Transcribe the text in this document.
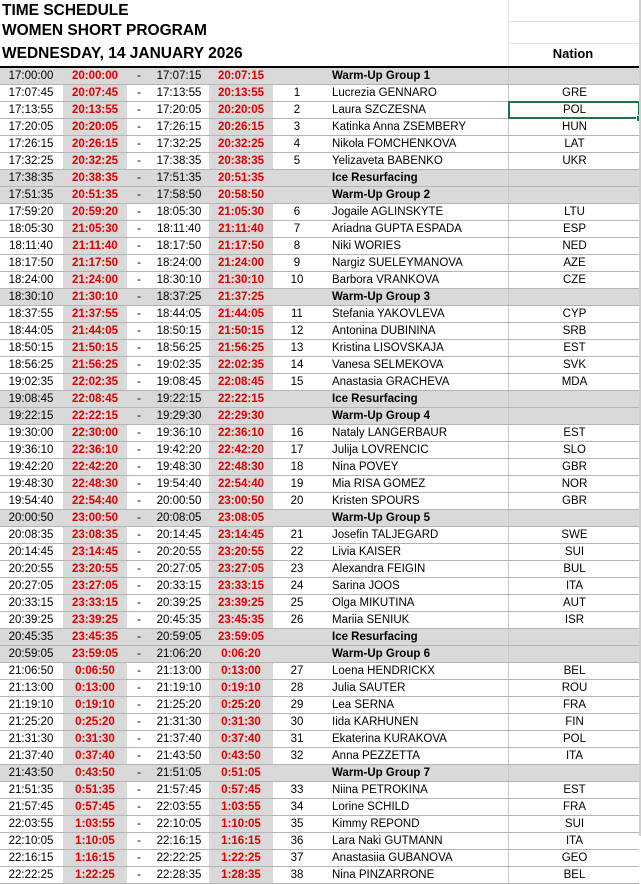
TIME SCHEDULE
WOMEN SHORT PROGRAM
WEDNESDAY, 14 JANUARY 2026	Nation
17:00:00	20:00:00	-	17:07:15	20:07:15	Warm-Up Group 1
17:07:45	20:07:45	-	17:13:55	20:13:55	1	Lucrezia GENNARO	GRE
17:13:55	20:13:55	-	17:20:05	20:20:05	2	Laura SZCZESNA	POL
17:20:05	20:20:05	-	17:26:15	20:26:15	3	Katinka Anna ZSEMBERY	HUN
17:26:15	20:26:15	-	17:32:25	20:32:25	4	Nikola FOMCHENKOVA	LAT
17:32:25	20:32:25	-	17:38:35	20:38:35	5	Yelizaveta BABENKO	UKR
17:38:35	20:38:35	-	17:51:35	20:51:35	Ice Resurfacing
17:51:35	20:51:35	-	17:58:50	20:58:50	Warm-Up Group 2
17:59:20	20:59:20	-	18:05:30	21:05:30	6	Jogaile AGLINSKYTE	LTU
18:05:30	21:05:30	-	18:11:40	21:11:40	7	Ariadna GUPTA ESPADA	ESP
18:11:40	21:11:40	-	18:17:50	21:17:50	8	Niki WORIES	NED
18:17:50	21:17:50	-	18:24:00	21:24:00	9	Nargiz SUELEYMANOVA	AZE
18:24:00	21:24:00	-	18:30:10	21:30:10	10	Barbora VRANKOVA	CZE
18:30:10	21:30:10	-	18:37:25	21:37:25	Warm-Up Group 3
18:37:55	21:37:55	-	18:44:05	21:44:05	11	Stefania YAKOVLEVA	CYP
18:44:05	21:44:05	-	18:50:15	21:50:15	12	Antonina DUBININA	SRB
18:50:15	21:50:15	-	18:56:25	21:56:25	13	Kristina LISOVSKAJA	EST
18:56:25	21:56:25	-	19:02:35	22:02:35	14	Vanesa SELMEKOVA	SVK
19:02:35	22:02:35	-	19:08:45	22:08:45	15	Anastasia GRACHEVA	MDA
19:08:45	22:08:45	-	19:22:15	22:22:15	Ice Resurfacing
19:22:15	22:22:15	-	19:29:30	22:29:30	Warm-Up Group 4
19:30:00	22:30:00	-	19:36:10	22:36:10	16	Nataly LANGERBAUR	EST
19:36:10	22:36:10	-	19:42:20	22:42:20	17	Julija LOVRENCIC	SLO
19:42:20	22:42:20	-	19:48:30	22:48:30	18	Nina POVEY	GBR
19:48:30	22:48:30	-	19:54:40	22:54:40	19	Mia RISA GOMEZ	NOR
19:54:40	22:54:40	-	20:00:50	23:00:50	20	Kristen SPOURS	GBR
20:00:50	23:00:50	-	20:08:05	23:08:05	Warm-Up Group 5
20:08:35	23:08:35	-	20:14:45	23:14:45	21	Josefin TALJEGARD	SWE
20:14:45	23:14:45	-	20:20:55	23:20:55	22	Livia KAISER	SUI
20:20:55	23:20:55	-	20:27:05	23:27:05	23	Alexandra FEIGIN	BUL
20:27:05	23:27:05	-	20:33:15	23:33:15	24	Sarina JOOS	ITA
20:33:15	23:33:15	-	20:39:25	23:39:25	25	Olga MIKUTINA	AUT
20:39:25	23:39:25	-	20:45:35	23:45:35	26	Mariia SENIUK	ISR
20:45:35	23:45:35	-	20:59:05	23:59:05	Ice Resurfacing
20:59:05	23:59:05	-	21:06:20	0:06:20	Warm-Up Group 6
21:06:50	0:06:50	-	21:13:00	0:13:00	27	Loena HENDRICKX	BEL
21:13:00	0:13:00	-	21:19:10	0:19:10	28	Julia SAUTER	ROU
21:19:10	0:19:10	-	21:25:20	0:25:20	29	Lea SERNA	FRA
21:25:20	0:25:20	-	21:31:30	0:31:30	30	Iida KARHUNEN	FIN
21:31:30	0:31:30	-	21:37:40	0:37:40	31	Ekaterina KURAKOVA	POL
21:37:40	0:37:40	-	21:43:50	0:43:50	32	Anna PEZZETTA	ITA
21:43:50	0:43:50	-	21:51:05	0:51:05	Warm-Up Group 7
21:51:35	0:51:35	-	21:57:45	0:57:45	33	Niina PETROKINA	EST
21:57:45	0:57:45	-	22:03:55	1:03:55	34	Lorine SCHILD	FRA
22:03:55	1:03:55	-	22:10:05	1:10:05	35	Kimmy REPOND	SUI
22:10:05	1:10:05	-	22:16:15	1:16:15	36	Lara Naki GUTMANN	ITA
22:16:15	1:16:15	-	22:22:25	1:22:25	37	Anastasiia GUBANOVA	GEO
22:22:25	1:22:25	-	22:28:35	1:28:35	38	Nina PINZARRONE	BEL
